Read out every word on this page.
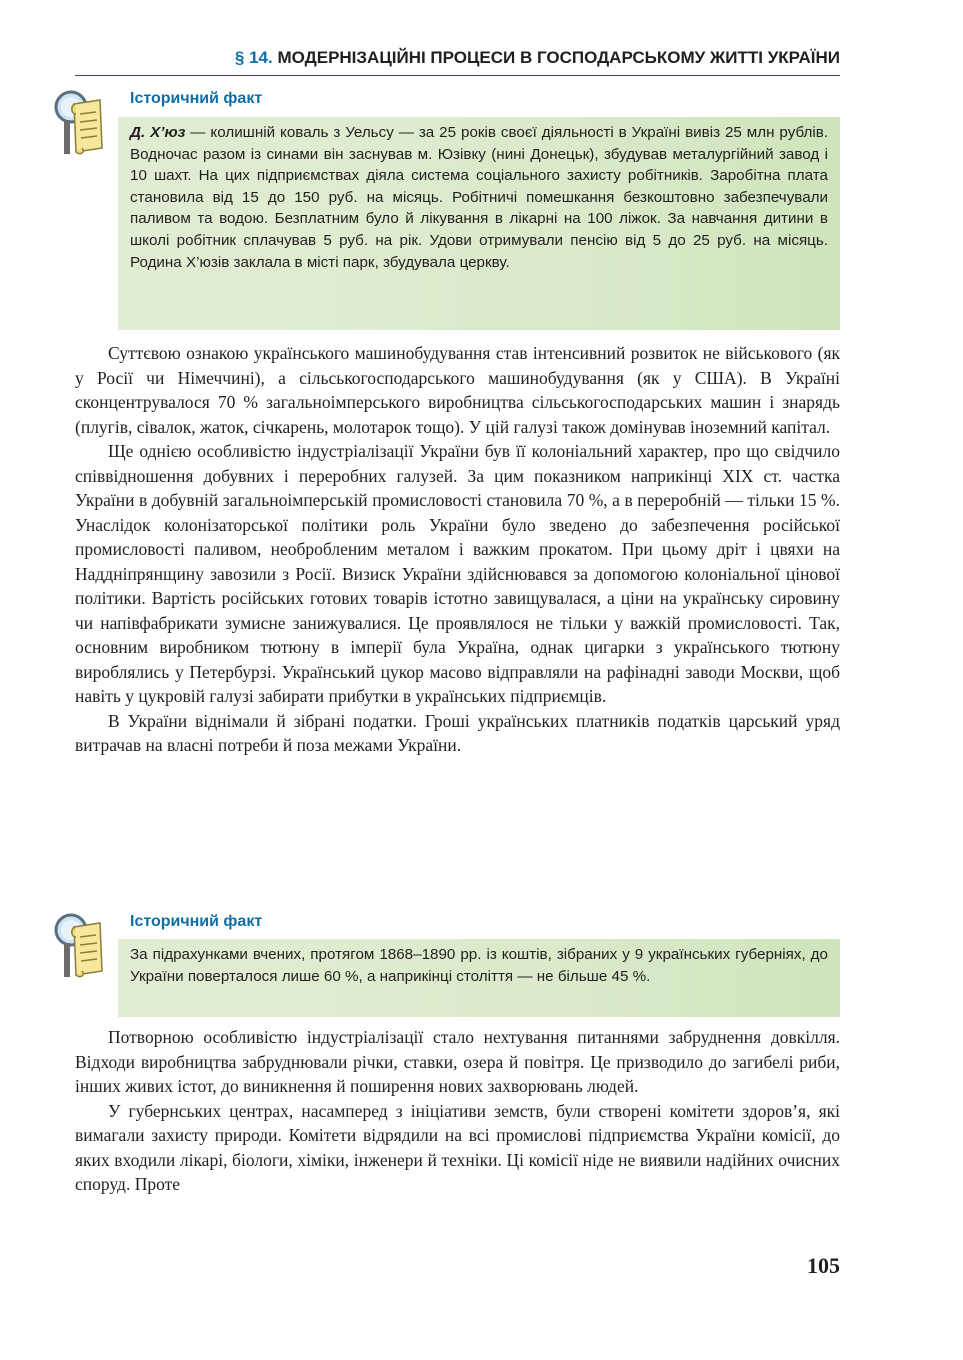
§ 14. МОДЕРНІЗАЦІЙНІ ПРОЦЕСИ В ГОСПОДАРСЬКОМУ ЖИТТІ УКРАЇНИ
Історичний факт
Д. Х’юз — колишній коваль з Уельсу — за 25 років своєї діяльності в Україні вивіз 25 млн рублів. Водночас разом із синами він заснував м. Юзівку (нині Донецьк), збудував металургійний завод і 10 шахт. На цих підприємствах діяла система соціального захисту робітників. Заробітна плата становила від 15 до 150 руб. на місяць. Робітничі помешкання безкоштовно забезпечували паливом та водою. Безплатним було й лікування в лікарні на 100 ліжок. За навчання дитини в школі робітник сплачував 5 руб. на рік. Удови отримували пенсію від 5 до 25 руб. на місяць. Родина Х’юзів заклала в місті парк, збудувала церкву.

Суттєвою ознакою українського машинобудування став інтенсивний розвиток не військового (як у Росії чи Німеччині), а сільськогосподарського машинобудування (як у США). В Україні сконцентрувалося 70 % загальноімперського виробництва сільськогосподарських машин і знарядь (плугів, сівалок, жаток, січкарень, молотарок тощо). У цій галузі також домінував іноземний капітал.

Ще однією особливістю індустріалізації України був її колоніальний характер, про що свідчило співвідношення добувних і переробних галузей. За цим показником наприкінці XIX ст. частка України в добувній загальноімперській промисловості становила 70 %, а в переробній — тільки 15 %. Унаслідок колонізаторської політики роль України було зведено до забезпечення російської промисловості паливом, необробленим металом і важким прокатом. При цьому дріт і цвяхи на Наддніпрянщину завозили з Росії. Визиск України здійснювався за допомогою колоніальної цінової політики. Вартість російських готових товарів істотно завищувалася, а ціни на українську сировину чи напівфабрикати зумисне занижувалися. Це проявлялося не тільки у важкій промисловості. Так, основним виробником тютюну в імперії була Україна, однак цигарки з українського тютюну вироблялись у Петербурзі. Український цукор масово відправляли на рафінадні заводи Москви, щоб навіть у цукровій галузі забирати прибутки в українських підприємців.

В України віднімали й зібрані податки. Гроші українських платників податків царський уряд витрачав на власні потреби й поза межами України.

Історичний факт
За підрахунками вчених, протягом 1868–1890 рр. із коштів, зібраних у 9 українських губерніях, до України поверталося лише 60 %, а наприкінці століття — не більше 45 %.

Потворною особливістю індустріалізації стало нехтування питаннями забруднення довкілля. Відходи виробництва забруднювали річки, ставки, озера й повітря. Це призводило до загибелі риби, інших живих істот, до виникнення й поширення нових захворювань людей.

У губернських центрах, насамперед з ініціативи земств, були створені комітети здоров’я, які вимагали захисту природи. Комітети відрядили на всі промислові підприємства України комісії, до яких входили лікарі, біологи, хіміки, інженери й техніки. Ці комісії ніде не виявили надійних очисних споруд. Проте

105
